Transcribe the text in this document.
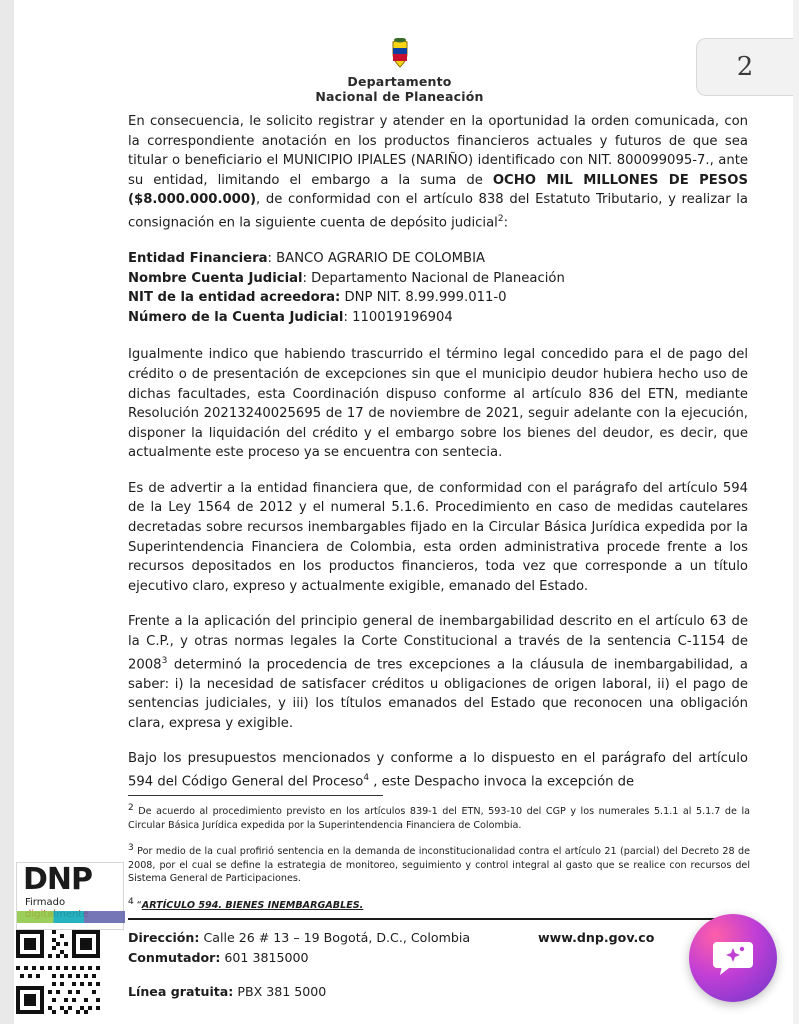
2
Departamento
Nacional de Planeación

En consecuencia, le solicito registrar y atender en la oportunidad la orden comunicada, con la correspondiente anotación en los productos financieros actuales y futuros de que sea titular o beneficiario el MUNICIPIO IPIALES (NARIÑO) identificado con NIT. 800099095-7., ante su entidad, limitando el embargo a la suma de OCHO MIL MILLONES DE PESOS ($8.000.000.000), de conformidad con el artículo 838 del Estatuto Tributario, y realizar la consignación en la siguiente cuenta de depósito judicial$^2$:

Entidad Financiera: BANCO AGRARIO DE COLOMBIA
Nombre Cuenta Judicial: Departamento Nacional de Planeación
NIT de la entidad acreedora: DNP NIT. 8.99.999.011-0
Número de la Cuenta Judicial: 110019196904

Igualmente indico que habiendo trascurrido el término legal concedido para el de pago del crédito o de presentación de excepciones sin que el municipio deudor hubiera hecho uso de dichas facultades, esta Coordinación dispuso conforme al artículo 836 del ETN, mediante Resolución 20213240025695 de 17 de noviembre de 2021, seguir adelante con la ejecución, disponer la liquidación del crédito y el embargo sobre los bienes del deudor, es decir, que actualmente este proceso ya se encuentra con sentecia.

Es de advertir a la entidad financiera que, de conformidad con el parágrafo del artículo 594 de la Ley 1564 de 2012 y el numeral 5.1.6. Procedimiento en caso de medidas cautelares decretadas sobre recursos inembargables fijado en la Circular Básica Jurídica expedida por la Superintendencia Financiera de Colombia, esta orden administrativa procede frente a los recursos depositados en los productos financieros, toda vez que corresponde a un título ejecutivo claro, expreso y actualmente exigible, emanado del Estado.

Frente a la aplicación del principio general de inembargabilidad descrito en el artículo 63 de la C.P., y otras normas legales la Corte Constitucional a través de la sentencia C-1154 de 2008$^3$ determinó la procedencia de tres excepciones a la cláusula de inembargabilidad, a saber: i) la necesidad de satisfacer créditos u obligaciones de origen laboral, ii) el pago de sentencias judiciales, y iii) los títulos emanados del Estado que reconocen una obligación clara, expresa y exigible.

Bajo los presupuestos mencionados y conforme a lo dispuesto en el parágrafo del artículo 594 del Código General del Proceso$^4$ , este Despacho invoca la excepción de

$^2$ De acuerdo al procedimiento previsto en los artículos 839-1 del ETN, 593-10 del CGP y los numerales 5.1.1 al 5.1.7 de la Circular Básica Jurídica expedida por la Superintendencia Financiera de Colombia.

$^3$ Por medio de la cual profirió sentencia en la demanda de inconstitucionalidad contra el artículo 21 (parcial) del Decreto 28 de 2008, por el cual se define la estrategia de monitoreo, seguimiento y control integral al gasto que se realice con recursos del Sistema General de Participaciones.

$^4$ “ARTÍCULO 594. BIENES INEMBARGABLES.

Dirección:
Calle 26 # 13 – 19 Bogotá, D.C., Colombia
Conmutador:
601 3815000
Línea gratuita:
PBX 381 5000
www.dnp.gov.co
DNP
Firmado
